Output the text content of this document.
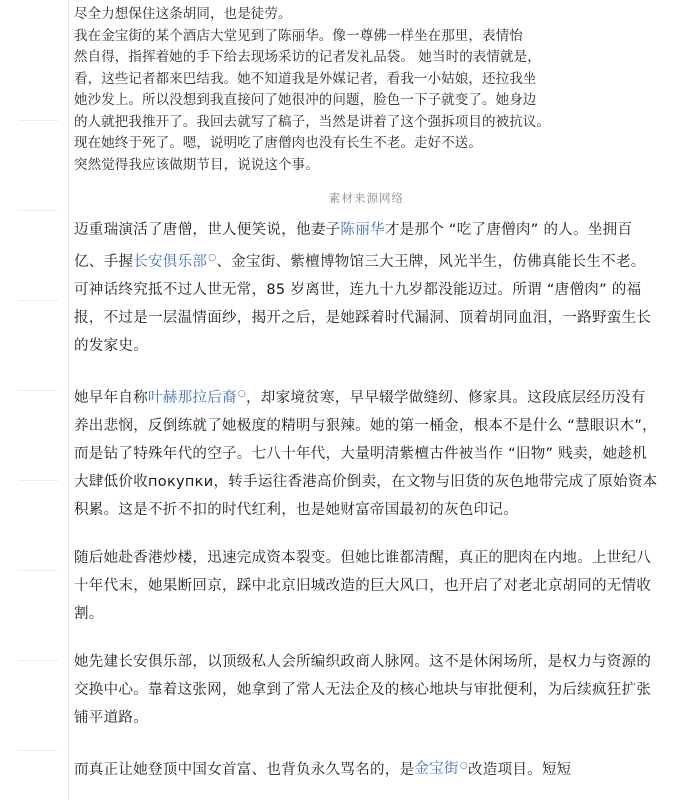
尽全力想保住这条胡同，也是徒劳。

我在金宝街的某个酒店大堂见到了陈丽华。像一尊佛一样坐在那里，表情怡

然自得，指挥着她的手下给去现场采访的记者发礼品袋。 她当时的表情就是，

看，这些记者都来巴结我。她不知道我是外媒记者，看我一小姑娘，还拉我坐

她沙发上。所以没想到我直接问了她很冲的问题，脸色一下子就变了。她身边

的人就把我推开了。我回去就写了稿子，当然是讲着了这个强拆项目的被抗议。

现在她终于死了。嗯，说明吃了唐僧肉也没有长生不老。走好不送。

突然觉得我应该做期节目，说说这个事。

素材来源网络

迈重瑞演活了唐僧，世人便笑说，他妻子陈丽华才是那个 “吃了唐僧肉” 的人。坐拥百亿、手握长安俱乐部○、金宝街、紫檀博物馆三大王牌，风光半生，仿佛真能长生不老。可神话终究抵不过人世无常，85 岁离世，连九十九岁都没能迈过。所谓 “唐僧肉” 的福报，不过是一层温情面纱，揭开之后，是她踩着时代漏洞、顶着胡同血泪，一路野蛮生长的发家史。

她早年自称叶赫那拉后裔○，却家境贫寒，早早辍学做缝纫、修家具。这段底层经历没有养出悲悯，反倒练就了她极度的精明与狠辣。她的第一桶金，根本不是什么 “慧眼识木”，而是钻了特殊年代的空子。七八十年代，大量明清紫檀古件被当作 “旧物” 贱卖，她趁机大肆低价收покупки，转手运往香港高价倒卖，在文物与旧货的灰色地带完成了原始资本积累。这是不折不扣的时代红利，也是她财富帝国最初的灰色印记。

随后她赴香港炒楼，迅速完成资本裂变。但她比谁都清醒，真正的肥肉在内地。上世纪八十年代末，她果断回京，踩中北京旧城改造的巨大风口，也开启了对老北京胡同的无情收割。

她先建长安俱乐部，以顶级私人会所编织政商人脉网。这不是休闲场所，是权力与资源的交换中心。靠着这张网，她拿到了常人无法企及的核心地块与审批便利，为后续疯狂扩张铺平道路。

而真正让她登顶中国女首富、也背负永久骂名的，是金宝街○改造项目。短短
